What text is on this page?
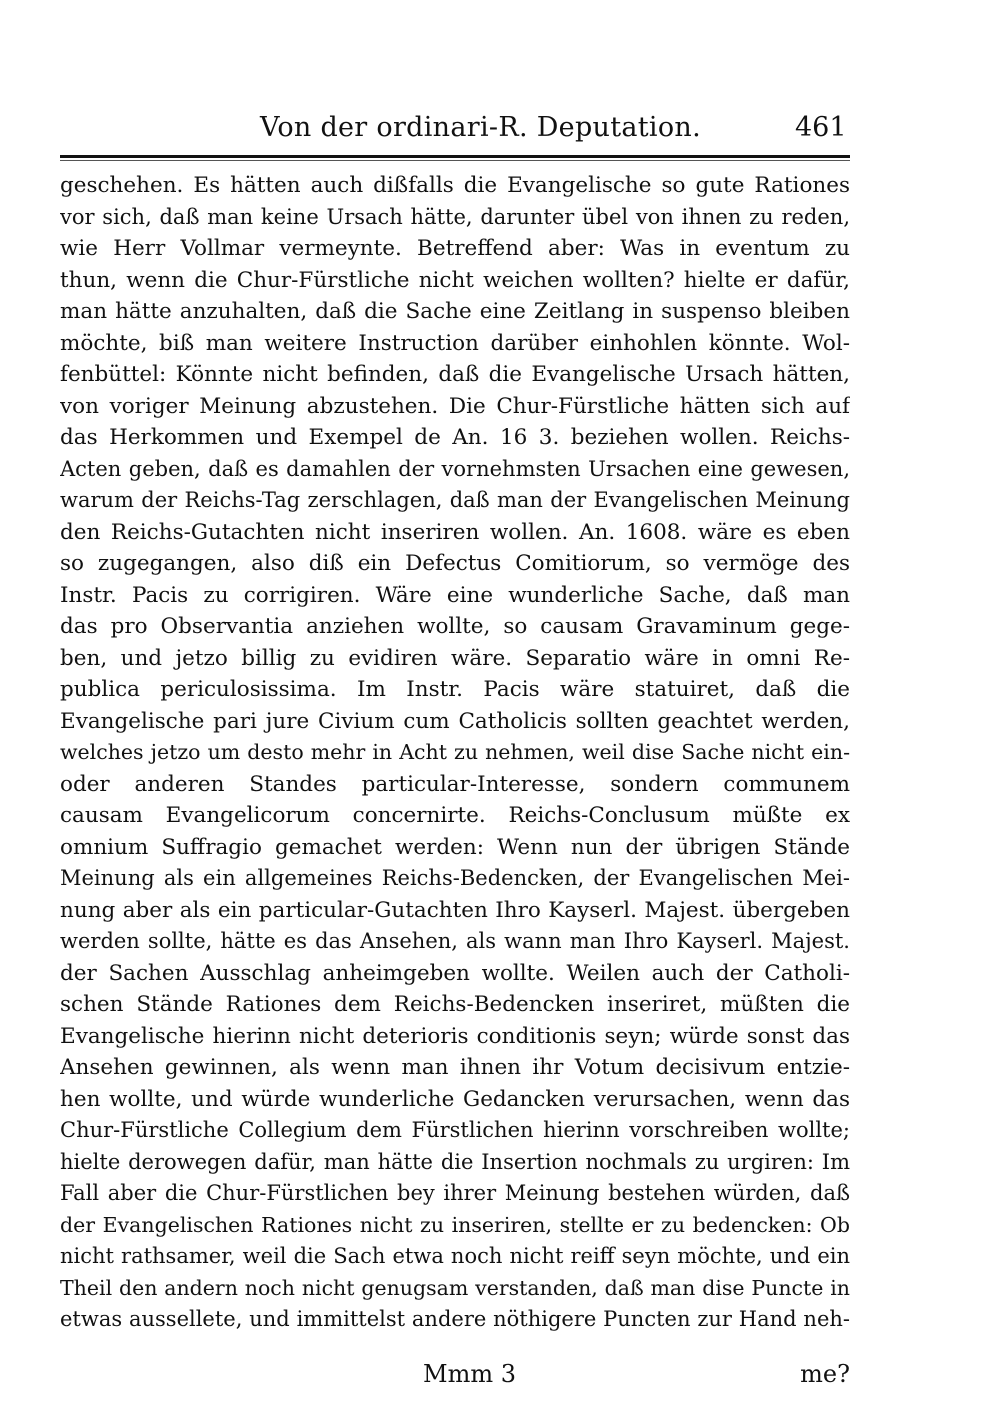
Von der ordinari-R. Deputation.	461
geschehen. Es hätten auch dißfalls die Evangelische so gute Rationes
vor sich, daß man keine Ursach hätte, darunter übel von ihnen zu reden,
wie Herr Vollmar vermeynte. Betreffend aber: Was in eventum zu
thun, wenn die Chur-Fürstliche nicht weichen wollten? hielte er dafür,
man hätte anzuhalten, daß die Sache eine Zeitlang in suspenso bleiben
möchte, biß man weitere Instruction darüber einhohlen könnte. Wol-
fenbüttel: Könnte nicht befinden, daß die Evangelische Ursach hätten,
von voriger Meinung abzustehen. Die Chur-Fürstliche hätten sich auf
das Herkommen und Exempel de An. 16 3. beziehen wollen. Reichs-
Acten geben, daß es damahlen der vornehmsten Ursachen eine gewesen,
warum der Reichs-Tag zerschlagen, daß man der Evangelischen Meinung
den Reichs-Gutachten nicht inseriren wollen. An. 1608. wäre es eben
so zugegangen, also diß ein Defectus Comitiorum, so vermöge des
Instr. Pacis zu corrigiren. Wäre eine wunderliche Sache, daß man
das pro Observantia anziehen wollte, so causam Gravaminum gege-
ben, und jetzo billig zu evidiren wäre. Separatio wäre in omni Re-
publica periculosissima. Im Instr. Pacis wäre statuiret, daß die
Evangelische pari jure Civium cum Catholicis sollten geachtet werden,
welches jetzo um desto mehr in Acht zu nehmen, weil dise Sache nicht ein-
oder anderen Standes particular-Interesse, sondern communem
causam Evangelicorum concernirte. Reichs-Conclusum müßte ex
omnium Suffragio gemachet werden: Wenn nun der übrigen Stände
Meinung als ein allgemeines Reichs-Bedencken, der Evangelischen Mei-
nung aber als ein particular-Gutachten Ihro Kayserl. Majest. übergeben
werden sollte, hätte es das Ansehen, als wann man Ihro Kayserl. Majest.
der Sachen Ausschlag anheimgeben wollte. Weilen auch der Catholi-
schen Stände Rationes dem Reichs-Bedencken inseriret, müßten die
Evangelische hierinn nicht deterioris conditionis seyn; würde sonst das
Ansehen gewinnen, als wenn man ihnen ihr Votum decisivum entzie-
hen wollte, und würde wunderliche Gedancken verursachen, wenn das
Chur-Fürstliche Collegium dem Fürstlichen hierinn vorschreiben wollte;
hielte derowegen dafür, man hätte die Insertion nochmals zu urgiren: Im
Fall aber die Chur-Fürstlichen bey ihrer Meinung bestehen würden, daß
der Evangelischen Rationes nicht zu inseriren, stellte er zu bedencken: Ob
nicht rathsamer, weil die Sach etwa noch nicht reiff seyn möchte, und ein
Theil den andern noch nicht genugsam verstanden, daß man dise Puncte in
etwas aussellete, und immittelst andere nöthigere Puncten zur Hand neh-
Mmm 3	me?
